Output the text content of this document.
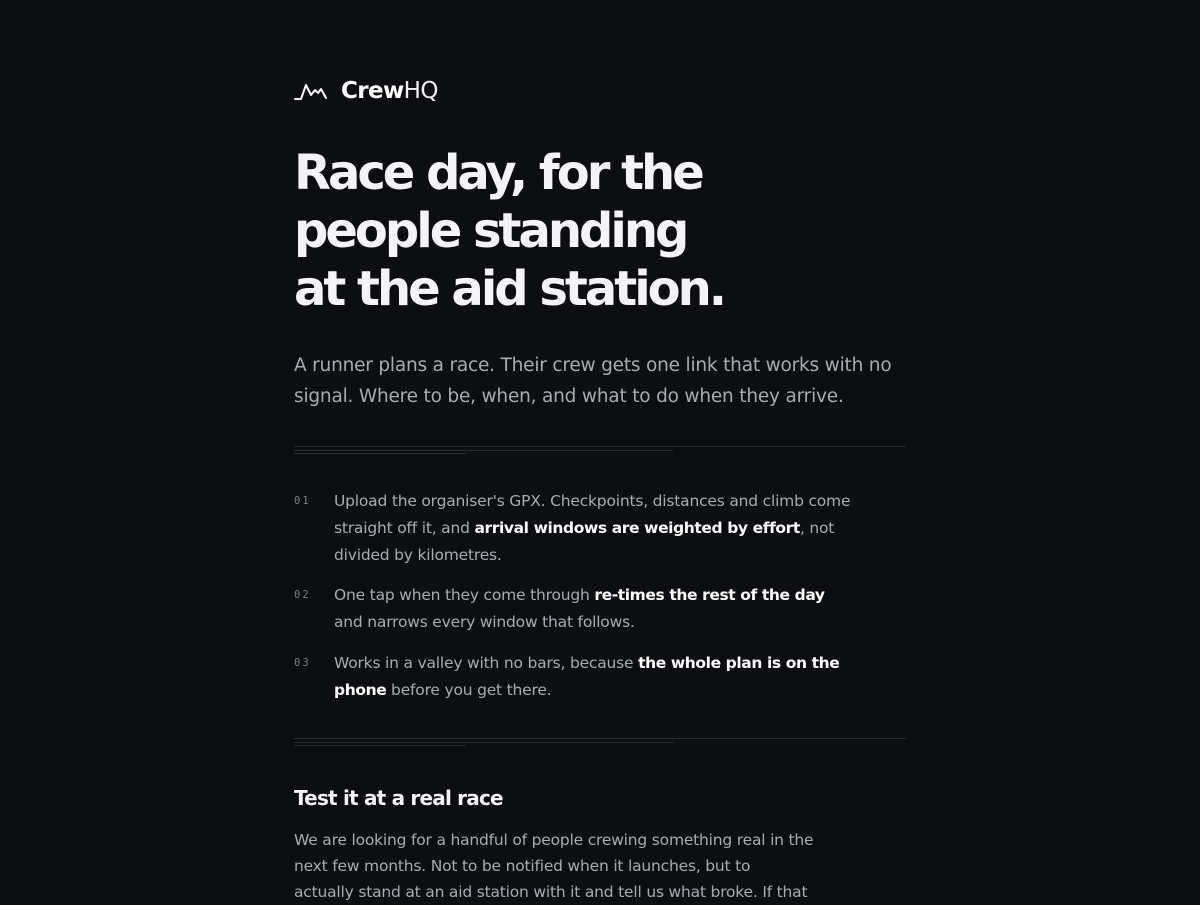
CrewHQ
Race day, for the
people standing
at the aid station.

A runner plans a race. Their crew gets one link that works with no signal. Where to be, when, and what to do when they arrive.

01 Upload the organiser's GPX. Checkpoints, distances and climb come straight off it, and arrival windows are weighted by effort, not divided by kilometres.

02 One tap when they come through re-times the rest of the day and narrows every window that follows.

03 Works in a valley with no bars, because the whole plan is on the phone before you get there.

Test it at a real race

We are looking for a handful of people crewing something real in the next few months. Not to be notified when it launches, but to actually stand at an aid station with it and tell us what broke. If that
